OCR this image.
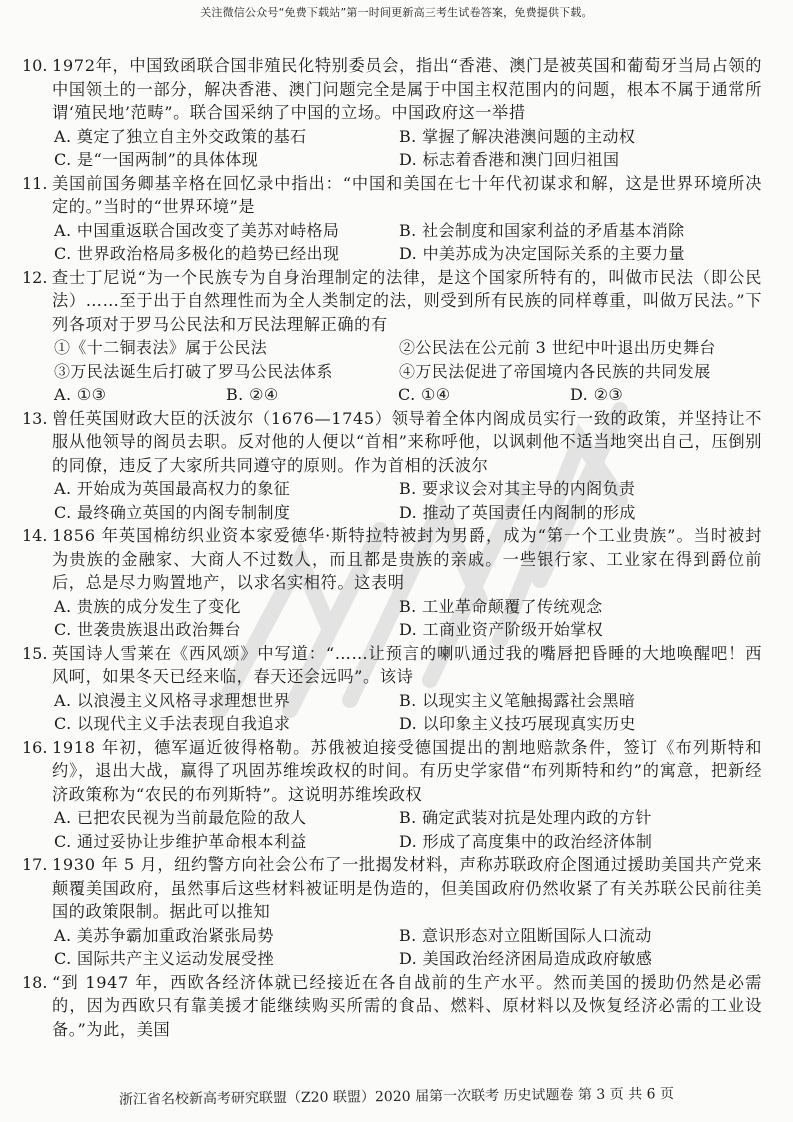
关注微信公众号“免费下载站”第一时间更新高三考生试卷答案，免费提供下载。
10. 1972年，中国致函联合国非殖民化特别委员会，指出“香港、澳门是被英国和葡萄牙当局占领的中国领土的一部分，解决香港、澳门问题完全是属于中国主权范围内的问题，根本不属于通常所谓‘殖民地’范畴”。联合国采纳了中国的立场。中国政府这一举措
A. 奠定了独立自主外交政策的基石	B. 掌握了解决港澳问题的主动权
C. 是“一国两制”的具体体现	D. 标志着香港和澳门回归祖国
11. 美国前国务卿基辛格在回忆录中指出：“中国和美国在七十年代初谋求和解，这是世界环境所决定的。”当时的“世界环境”是
A. 中国重返联合国改变了美苏对峙格局	B. 社会制度和国家利益的矛盾基本消除
C. 世界政治格局多极化的趋势已经出现	D. 中美苏成为决定国际关系的主要力量
12. 查士丁尼说“为一个民族专为自身治理制定的法律，是这个国家所特有的，叫做市民法（即公民法）……至于出于自然理性而为全人类制定的法，则受到所有民族的同样尊重，叫做万民法。”下列各项对于罗马公民法和万民法理解正确的有
①《十二铜表法》属于公民法	②公民法在公元前 3 世纪中叶退出历史舞台
③万民法诞生后打破了罗马公民法体系	④万民法促进了帝国境内各民族的共同发展
A. ①③	B. ②④	C. ①④	D. ②③
13. 曾任英国财政大臣的沃波尔（1676—1745）领导着全体内阁成员实行一致的政策，并坚持让不服从他领导的阁员去职。反对他的人便以“首相”来称呼他，以讽刺他不适当地突出自己，压倒别的同僚，违反了大家所共同遵守的原则。作为首相的沃波尔
A. 开始成为英国最高权力的象征	B. 要求议会对其主导的内阁负责
C. 最终确立英国的内阁专制制度	D. 推动了英国责任内阁制的形成
14. 1856 年英国棉纺织业资本家爱德华·斯特拉特被封为男爵，成为“第一个工业贵族”。当时被封为贵族的金融家、大商人不过数人，而且都是贵族的亲戚。一些银行家、工业家在得到爵位前后，总是尽力购置地产，以求名实相符。这表明
A. 贵族的成分发生了变化	B. 工业革命颠覆了传统观念
C. 世袭贵族退出政治舞台	D. 工商业资产阶级开始掌权
15. 英国诗人雪莱在《西风颂》中写道：“……让预言的喇叭通过我的嘴唇把昏睡的大地唤醒吧！西风呵，如果冬天已经来临，春天还会远吗”。该诗
A. 以浪漫主义风格寻求理想世界	B. 以现实主义笔触揭露社会黑暗
C. 以现代主义手法表现自我追求	D. 以印象主义技巧展现真实历史
16. 1918 年初，德军逼近彼得格勒。苏俄被迫接受德国提出的割地赔款条件，签订《布列斯特和约》，退出大战，赢得了巩固苏维埃政权的时间。有历史学家借“布列斯特和约”的寓意，把新经济政策称为“农民的布列斯特”。这说明苏维埃政权
A. 已把农民视为当前最危险的敌人	B. 确定武装对抗是处理内政的方针
C. 通过妥协让步维护革命根本利益	D. 形成了高度集中的政治经济体制
17. 1930 年 5 月，纽约警方向社会公布了一批揭发材料，声称苏联政府企图通过援助美国共产党来颠覆美国政府，虽然事后这些材料被证明是伪造的，但美国政府仍然收紧了有关苏联公民前往美国的政策限制。据此可以推知
A. 美苏争霸加重政治紧张局势	B. 意识形态对立阻断国际人口流动
C. 国际共产主义运动发展受挫	D. 美国政治经济困局造成政府敏感
18. “到 1947 年，西欧各经济体就已经接近在各自战前的生产水平。然而美国的援助仍然是必需的，因为西欧只有靠美援才能继续购买所需的食品、燃料、原材料以及恢复经济必需的工业设备。”为此，美国
浙江省名校新高考研究联盟（Z20 联盟）2020 届第一次联考 历史试题卷 第 3 页 共 6 页
